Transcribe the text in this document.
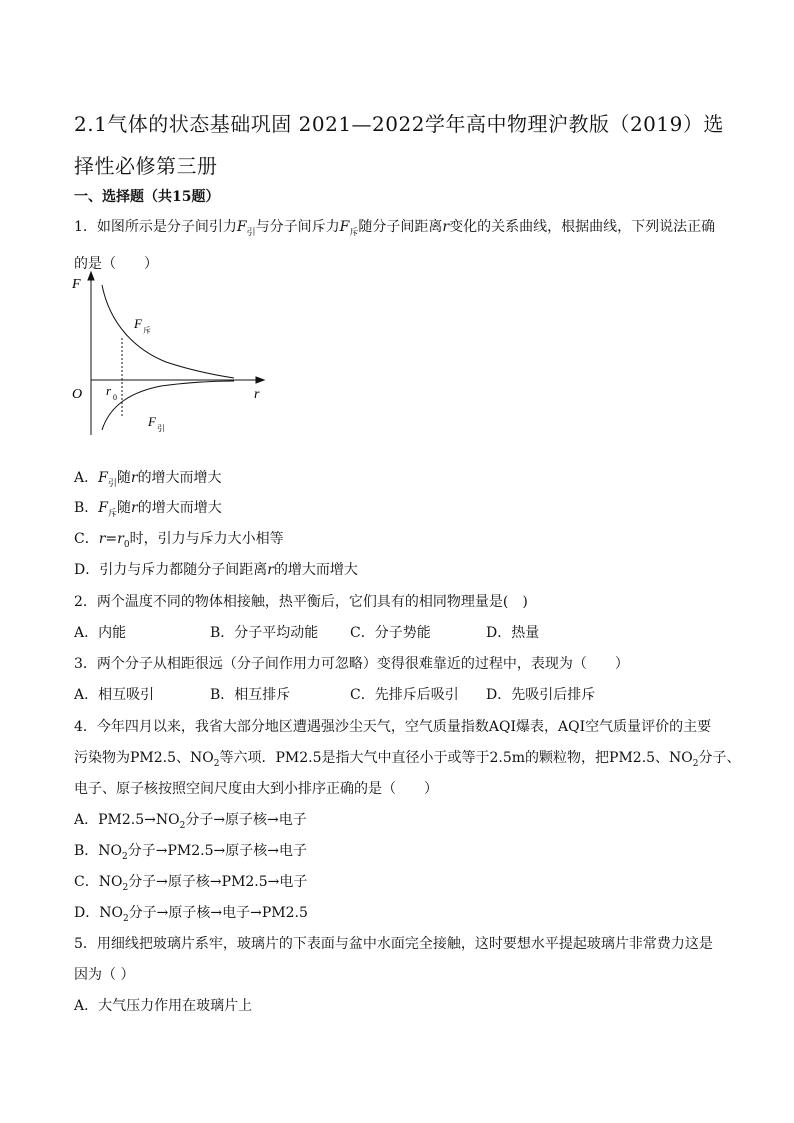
2.1气体的状态基础巩固 2021—2022学年高中物理沪教版（2019）选择性必修第三册
一、选择题（共15题）
1．如图所示是分子间引力$F_引$与分子间斥力$F_斥$随分子间距离r变化的关系曲线，根据曲线，下列说法正确的是（　　）
F
O	r
r 0
F 斥
F 引
A．$F_引$随r的增大而增大
B．$F_斥$随r的增大而增大
C．$r=r_0$时，引力与斥力大小相等
D．引力与斥力都随分子间距离r的增大而增大
2．两个温度不同的物体相接触，热平衡后，它们具有的相同物理量是(　)
A．内能	B．分子平均动能 C．分子势能	D．热量
3．两个分子从相距很远（分子间作用力可忽略）变得很难靠近的过程中，表现为（　　）
A．相互吸引	B．相互排斥	C．先排斥后吸引 D．先吸引后排斥
4．今年四月以来，我省大部分地区遭遇强沙尘天气，空气质量指数AQI爆表，AQI空气质量评价的主要
污染物为PM2.5、$NO_2$等六项．PM2.5是指大气中直径小于或等于2.5m的颗粒物，把PM2.5、$NO_2$分子、
电子、原子核按照空间尺度由大到小排序正确的是（　　）
A．$PM2.5\to NO_2$分子→原子核→电子
B．$NO_2$分子→PM2.5→原子核→电子
C．$NO_2$分子→原子核→PM2.5→电子
D．$NO_2$分子→原子核→电子→PM2.5
5．用细线把玻璃片系牢，玻璃片的下表面与盆中水面完全接触，这时要想水平提起玻璃片非常费力这是
因为（ ）
A．大气压力作用在玻璃片上
